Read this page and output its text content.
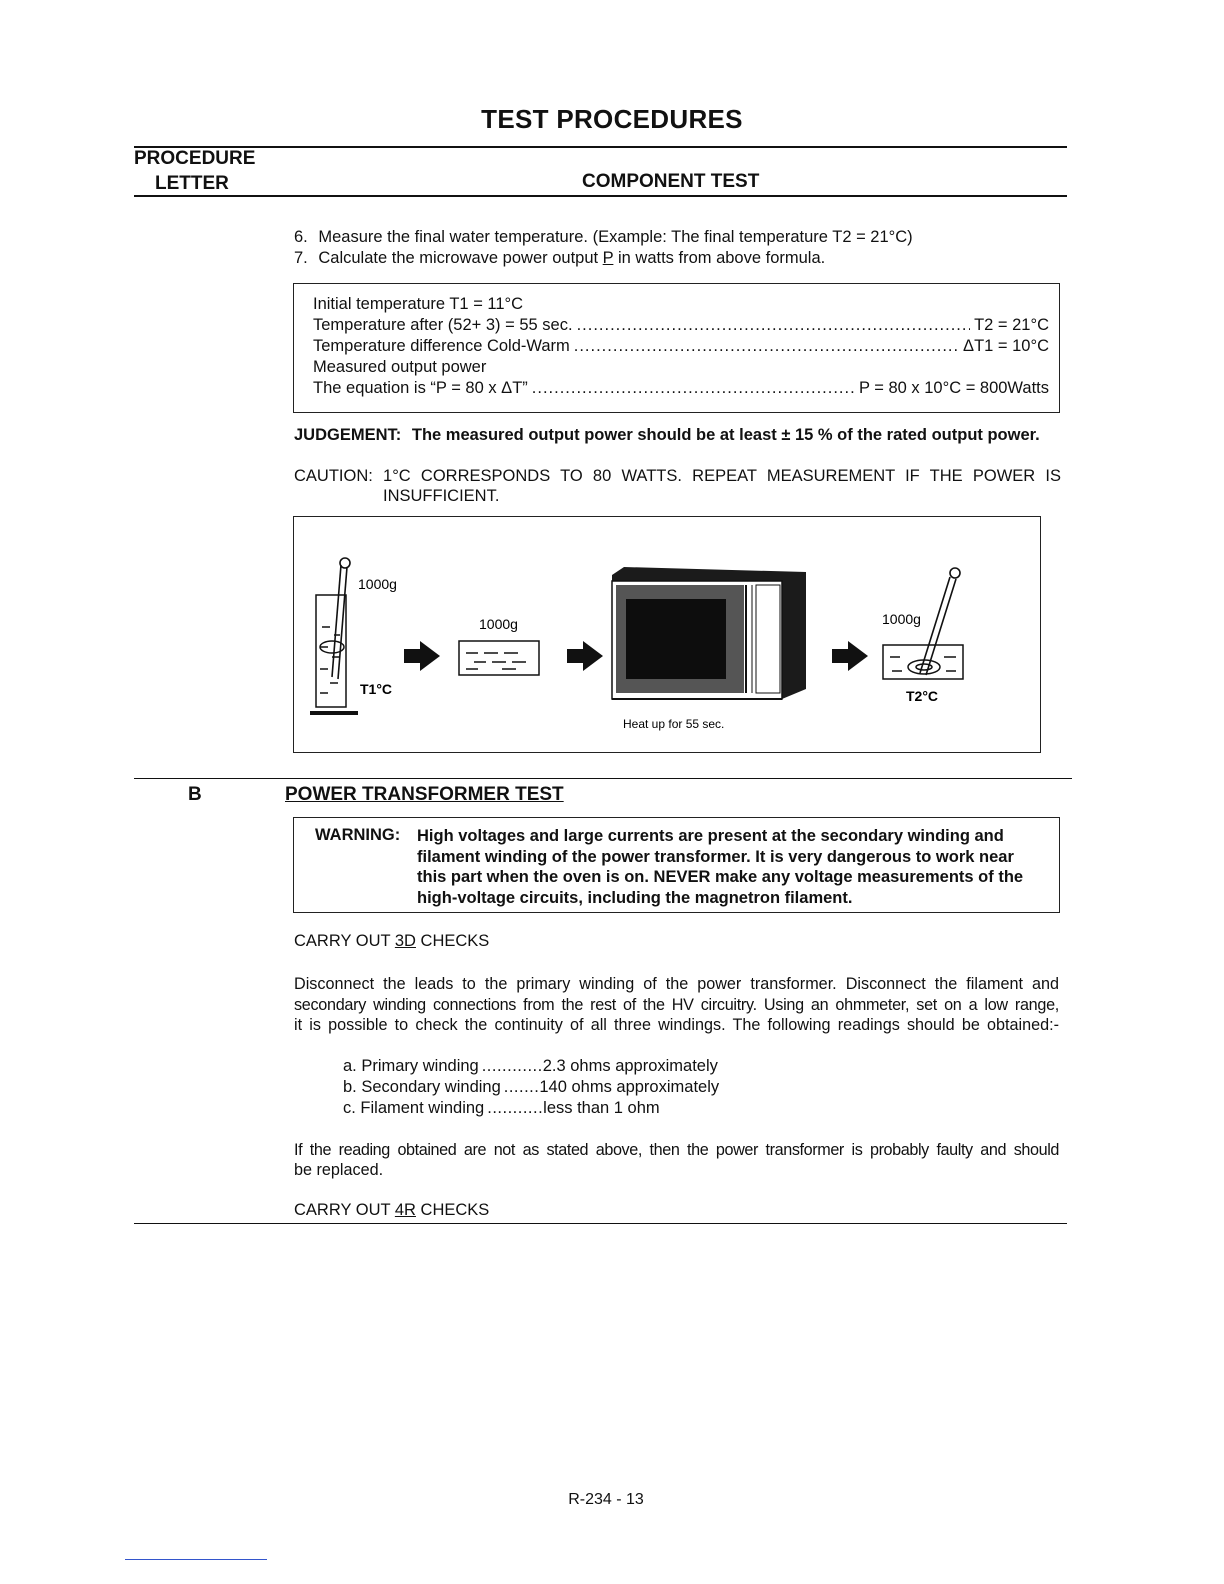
TEST PROCEDURES
PROCEDURE
LETTER	COMPONENT TEST
6. Measure the final water temperature. (Example: The final temperature T2 = 21°C)
7. Calculate the microwave power output P in watts from above formula.
Initial temperature T1 = 11°C
Temperature after (52+ 3) = 55 sec. .....	T2 = 21°C
Temperature difference Cold-Warm .....	ΔT1 = 10°C
Measured output power
The equation is “P = 80 x ΔT” .....	P = 80 x 10°C = 800Watts
JUDGEMENT: The measured output power should be at least ± 15 % of the rated output power.
CAUTION: 1°C CORRESPONDS TO 80 WATTS. REPEAT MEASUREMENT IF THE POWER IS
INSUFFICIENT.
1000g
T1°C
1000g
Heat up for 55 sec.
1000g
T2°C
B	POWER TRANSFORMER TEST
WARNING: High voltages and large currents are present at the secondary winding and
filament winding of the power transformer. It is very dangerous to work near
this part when the oven is on. NEVER make any voltage measurements of the
high-voltage circuits, including the magnetron filament.
CARRY OUT 3D CHECKS
Disconnect the leads to the primary winding of the power transformer. Disconnect the filament and
secondary winding connections from the rest of the HV circuitry. Using an ohmmeter, set on a low range,
it is possible to check the continuity of all three windings. The following readings should be obtained:-
a. Primary winding ............ 2.3 ohms approximately
b. Secondary winding ....... 140 ohms approximately
c. Filament winding ........... less than 1 ohm
If the reading obtained are not as stated above, then the power transformer is probably faulty and should
be replaced.
CARRY OUT 4R CHECKS
R-234 - 13
